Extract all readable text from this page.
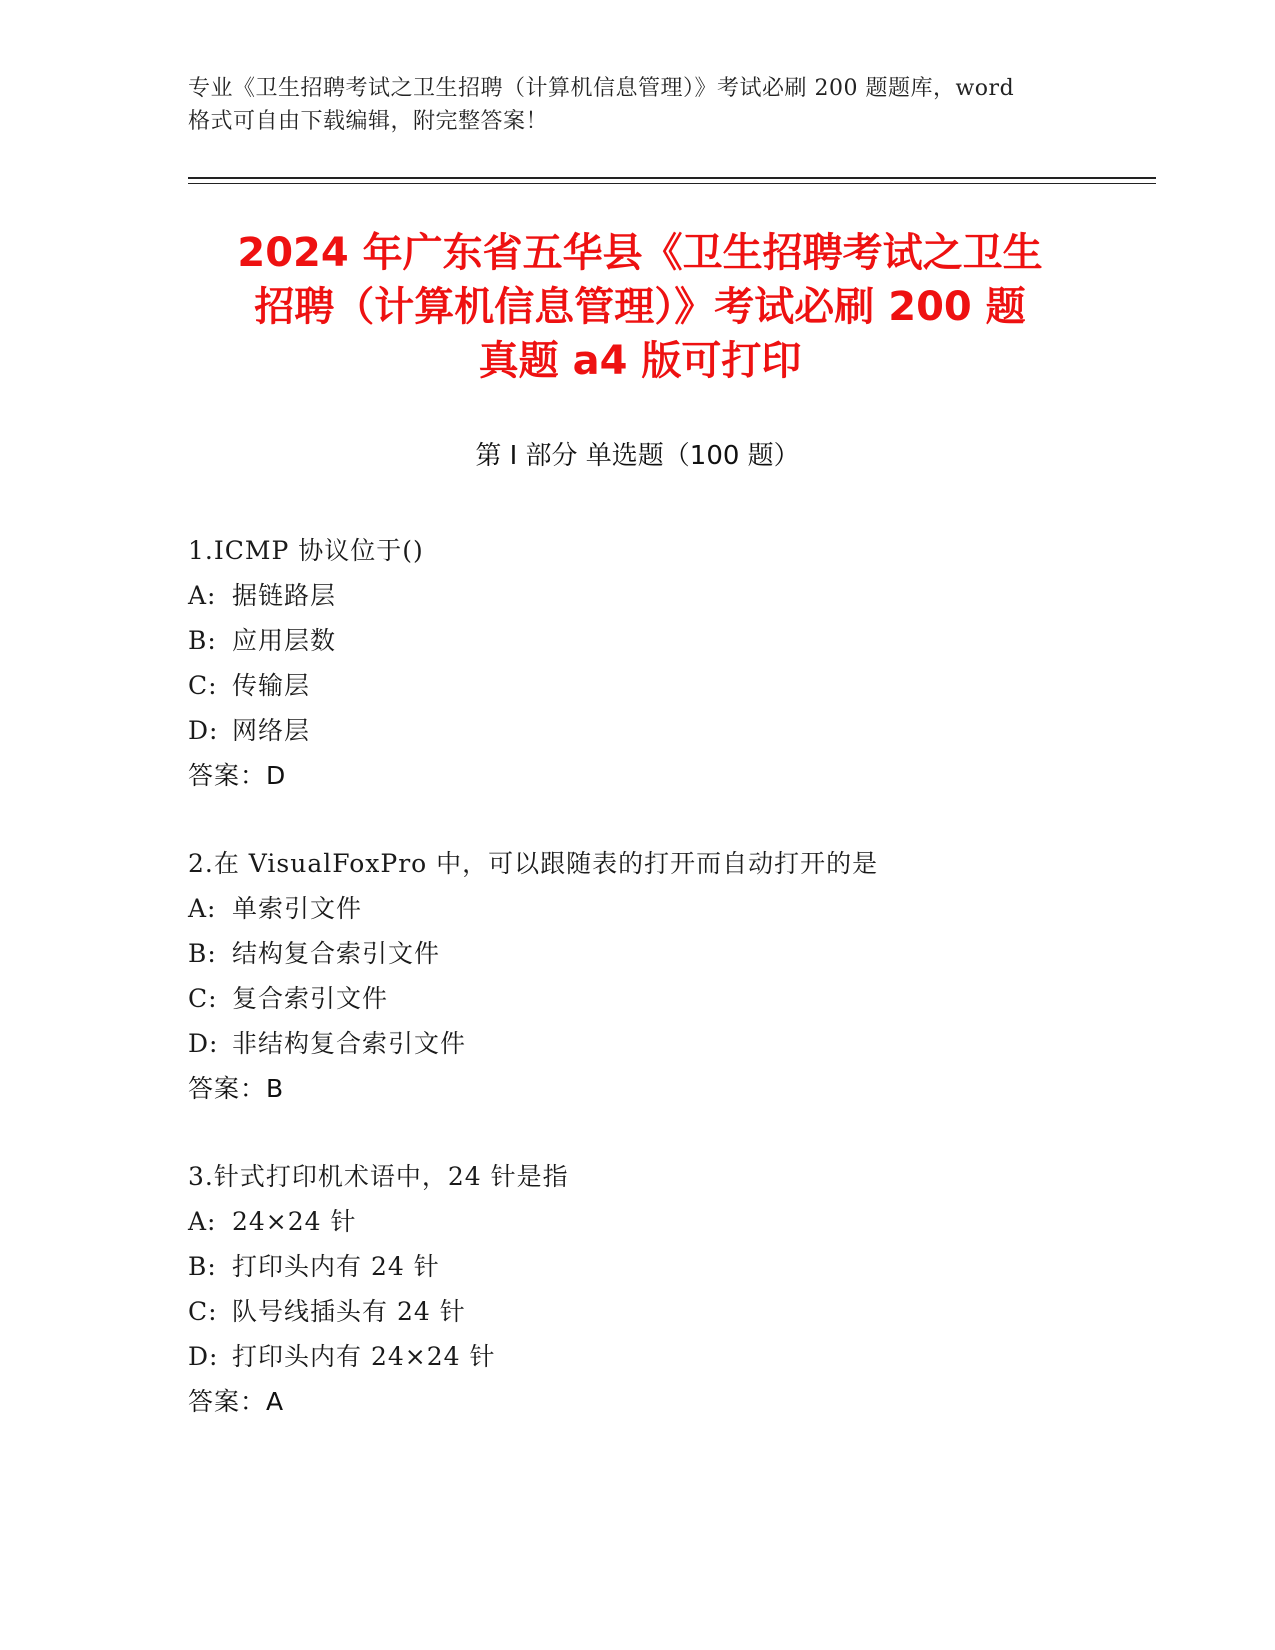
专业《卫生招聘考试之卫生招聘（计算机信息管理）》考试必刷 200 题题库，word
格式可自由下载编辑，附完整答案！
2024 年广东省五华县《卫生招聘考试之卫生
招聘（计算机信息管理）》考试必刷 200 题
真题 a4 版可打印
第 I 部分 单选题（100 题）
1.ICMP 协议位于()
A: 据链路层
B: 应用层数
C: 传输层
D: 网络层
答案：D
2.在 VisualFoxPro 中，可以跟随表的打开而自动打开的是
A: 单索引文件
B: 结构复合索引文件
C: 复合索引文件
D: 非结构复合索引文件
答案：B
3.针式打印机术语中，24 针是指
A: 24×24 针
B: 打印头内有 24 针
C: 队号线插头有 24 针
D: 打印头内有 24×24 针
答案：A
